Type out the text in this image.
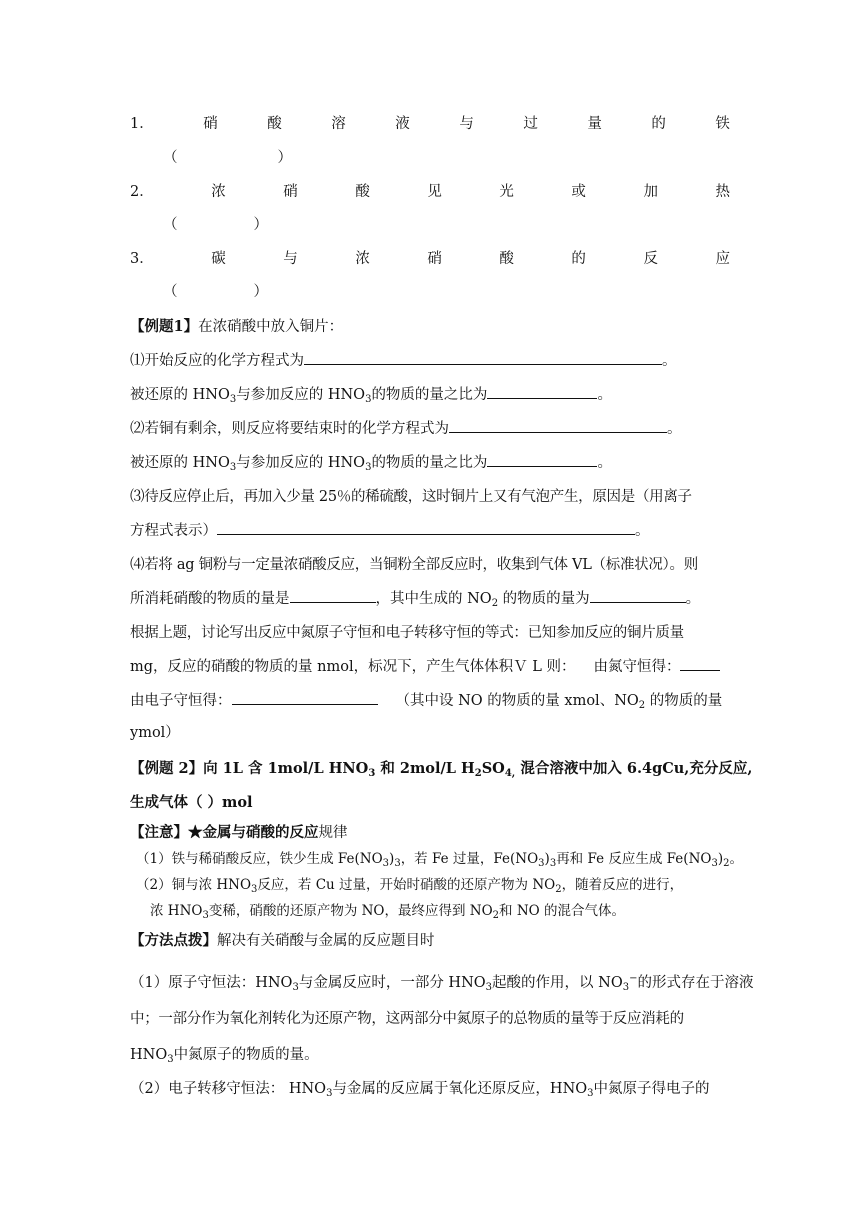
1．	硝	酸	溶	液	与	过	量	的	铁
（	）
2．	浓	硝	酸	见	光	或	加	热
（	）
3．	碳	与	浓	硝	酸	的	反	应
（	）
【例题1】在浓硝酸中放入铜片：
⑴开始反应的化学方程式为	。
被还原的 $HNO_3$与参加反应的 $HNO_3$的物质的量之比为	。
⑵若铜有剩余，则反应将要结束时的化学方程式为	。
被还原的 $HNO_3$与参加反应的 $HNO_3$的物质的量之比为	。
⑶待反应停止后，再加入少量 25％的稀硫酸，这时铜片上又有气泡产生，原因是（用离子
方程式表示）	。
⑷若将 ag 铜粉与一定量浓硝酸反应，当铜粉全部反应时，收集到气体 VL（标准状况）。则
所消耗硝酸的物质的量是	，其中生成的 $NO_2$ 的物质的量为	。
根据上题，讨论写出反应中氮原子守恒和电子转移守恒的等式：已知参加反应的铜片质量
mg，反应的硝酸的物质的量 nmol，标况下，产生气体体积Ｖ L 则： 由氮守恒得：
由电子守恒得：	（其中设 NO 的物质的量 xmol、$NO_2$ 的物质的量
ymol）
【例题 2】向 1L 含 1mol/L $HNO_3$ 和 2mol/L $H_2SO_{4,}$ 混合溶液中加入 6.4gCu,充分反应,
生成气体（ ）mol
【注意】★金属与硝酸的反应规律
（1）铁与稀硝酸反应，铁少生成 $Fe(NO_3)_3$，若 Fe 过量，$Fe(NO_3)_3$再和 Fe 反应生成 $Fe(NO_3)_2$。
（2）铜与浓 $HNO_3$反应，若 Cu 过量，开始时硝酸的还原产物为 $NO_2$，随着反应的进行，
浓 $HNO_3$变稀，硝酸的还原产物为 NO，最终应得到 $NO_2$和 NO 的混合气体。
【方法点拨】解决有关硝酸与金属的反应题目时
（1）原子守恒法：$HNO_3$与金属反应时，一部分 $HNO_3$起酸的作用，以 $NO_3^-$的形式存在于溶液
中；一部分作为氧化剂转化为还原产物，这两部分中氮原子的总物质的量等于反应消耗的
$HNO_3$中氮原子的物质的量。
（2）电子转移守恒法： $HNO_3$与金属的反应属于氧化还原反应，$HNO_3$中氮原子得电子的
